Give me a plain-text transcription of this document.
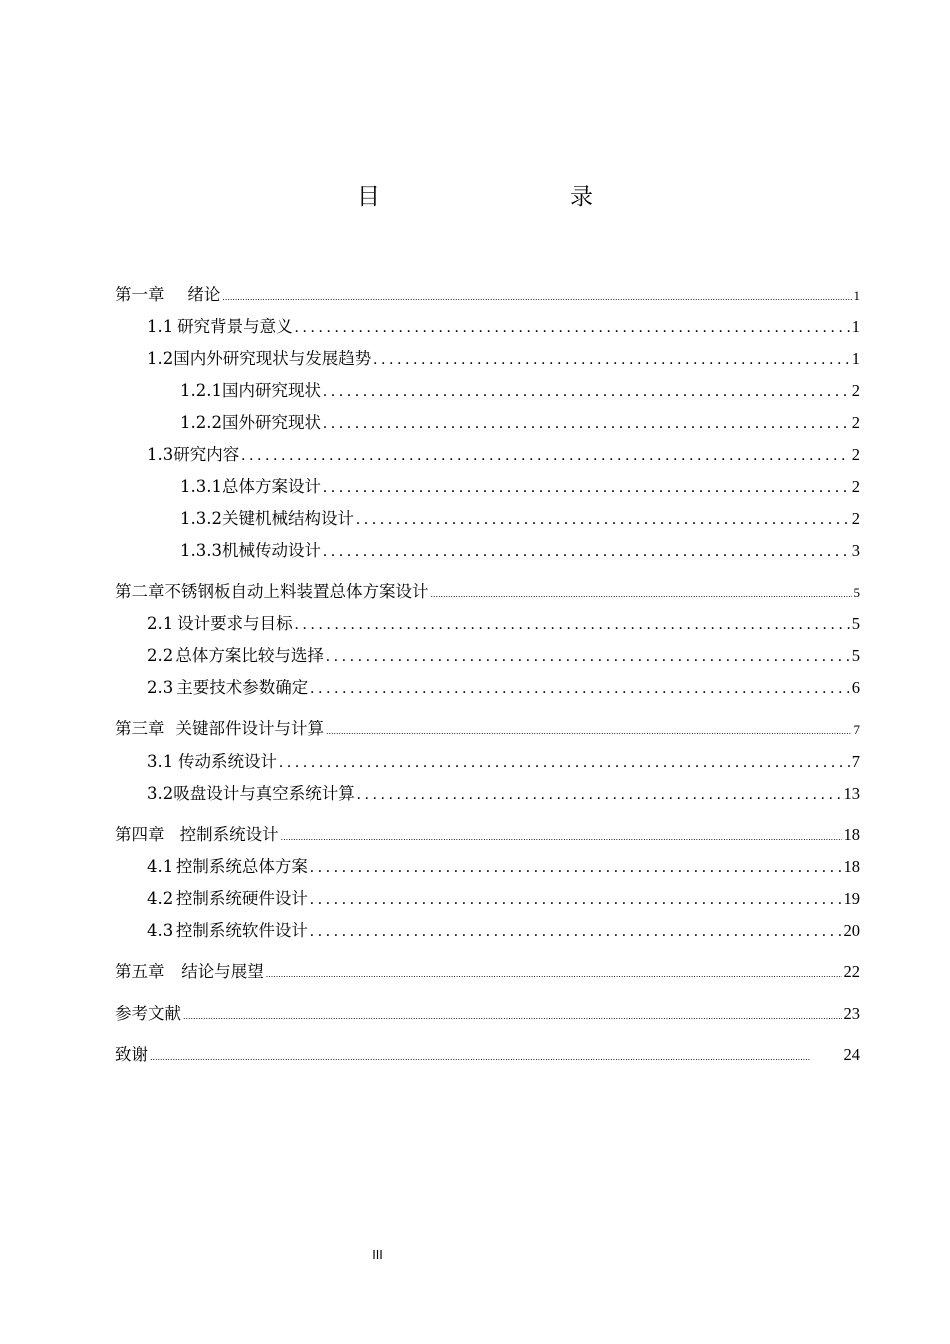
目　　录
第一章	绪论 .....	1
1.1 研究背景与意义 . . .	1
1.2 国内外研究现状与发展趋势 . . .	1
1.2.1 国内研究现状 . . .	2
1.2.2 国外研究现状 . . .	2
1.3 研究内容 . . .	2
1.3.1 总体方案设计 . . .	2
1.3.2 关键机械结构设计 . . .	2
1.3.3 机械传动设计 . . .	3
第二章 不锈钢板自动上料装置总体方案设计 .....	5
2.1 设计要求与目标 . . .	5
2.2 总体方案比较与选择 . . .	5
2.3 主要技术参数确定 . . .	6
第三章 关键部件设计与计算 .....	7
3.1 传动系统设计 . . .	7
3.2 吸盘设计与真空系统计算 . . .	13
第四章 控制系统设计 .....	18
4.1 控制系统总体方案 . . .	18
4.2 控制系统硬件设计 . . .	19
4.3 控制系统软件设计 . . .	20
第五章	结论与展望 .....	22
参考文献 .....	23
致谢 .....	24
III
